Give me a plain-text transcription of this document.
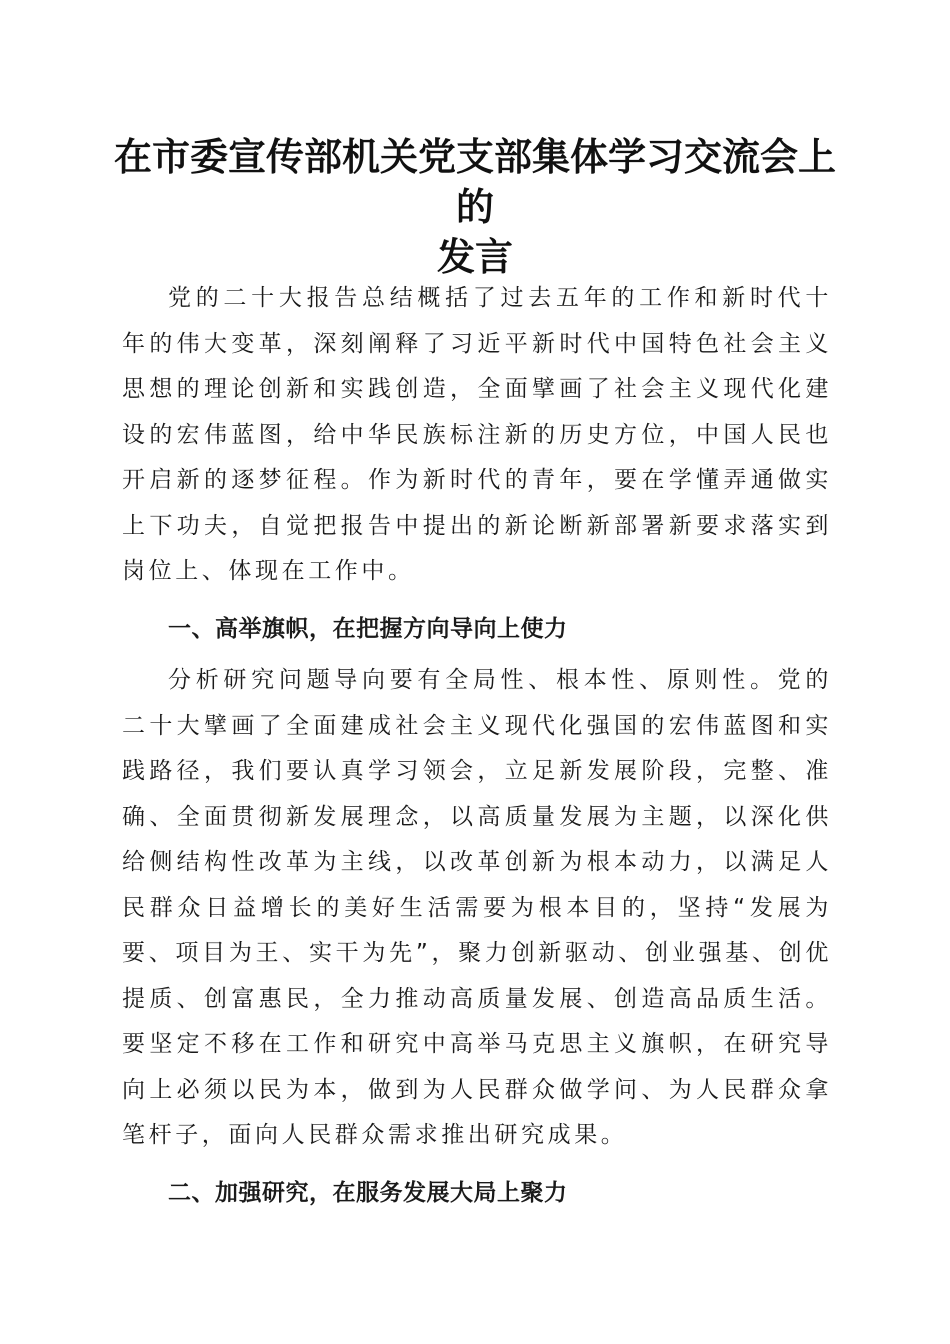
在市委宣传部机关党支部集体学习交流会上的
发言

党的二十大报告总结概括了过去五年的工作和新时代十年的伟大变革，深刻阐释了习近平新时代中国特色社会主义思想的理论创新和实践创造，全面擘画了社会主义现代化建设的宏伟蓝图，给中华民族标注新的历史方位，中国人民也开启新的逐梦征程。作为新时代的青年，要在学懂弄通做实上下功夫，自觉把报告中提出的新论断新部署新要求落实到岗位上、体现在工作中。

一、高举旗帜，在把握方向导向上使力

分析研究问题导向要有全局性、根本性、原则性。党的二十大擘画了全面建成社会主义现代化强国的宏伟蓝图和实践路径，我们要认真学习领会，立足新发展阶段，完整、准确、全面贯彻新发展理念，以高质量发展为主题，以深化供给侧结构性改革为主线，以改革创新为根本动力，以满足人民群众日益增长的美好生活需要为根本目的，坚持“发展为要、项目为王、实干为先”，聚力创新驱动、创业强基、创优提质、创富惠民，全力推动高质量发展、创造高品质生活。要坚定不移在工作和研究中高举马克思主义旗帜，在研究导向上必须以民为本，做到为人民群众做学问、为人民群众拿笔杆子，面向人民群众需求推出研究成果。

二、加强研究，在服务发展大局上聚力
